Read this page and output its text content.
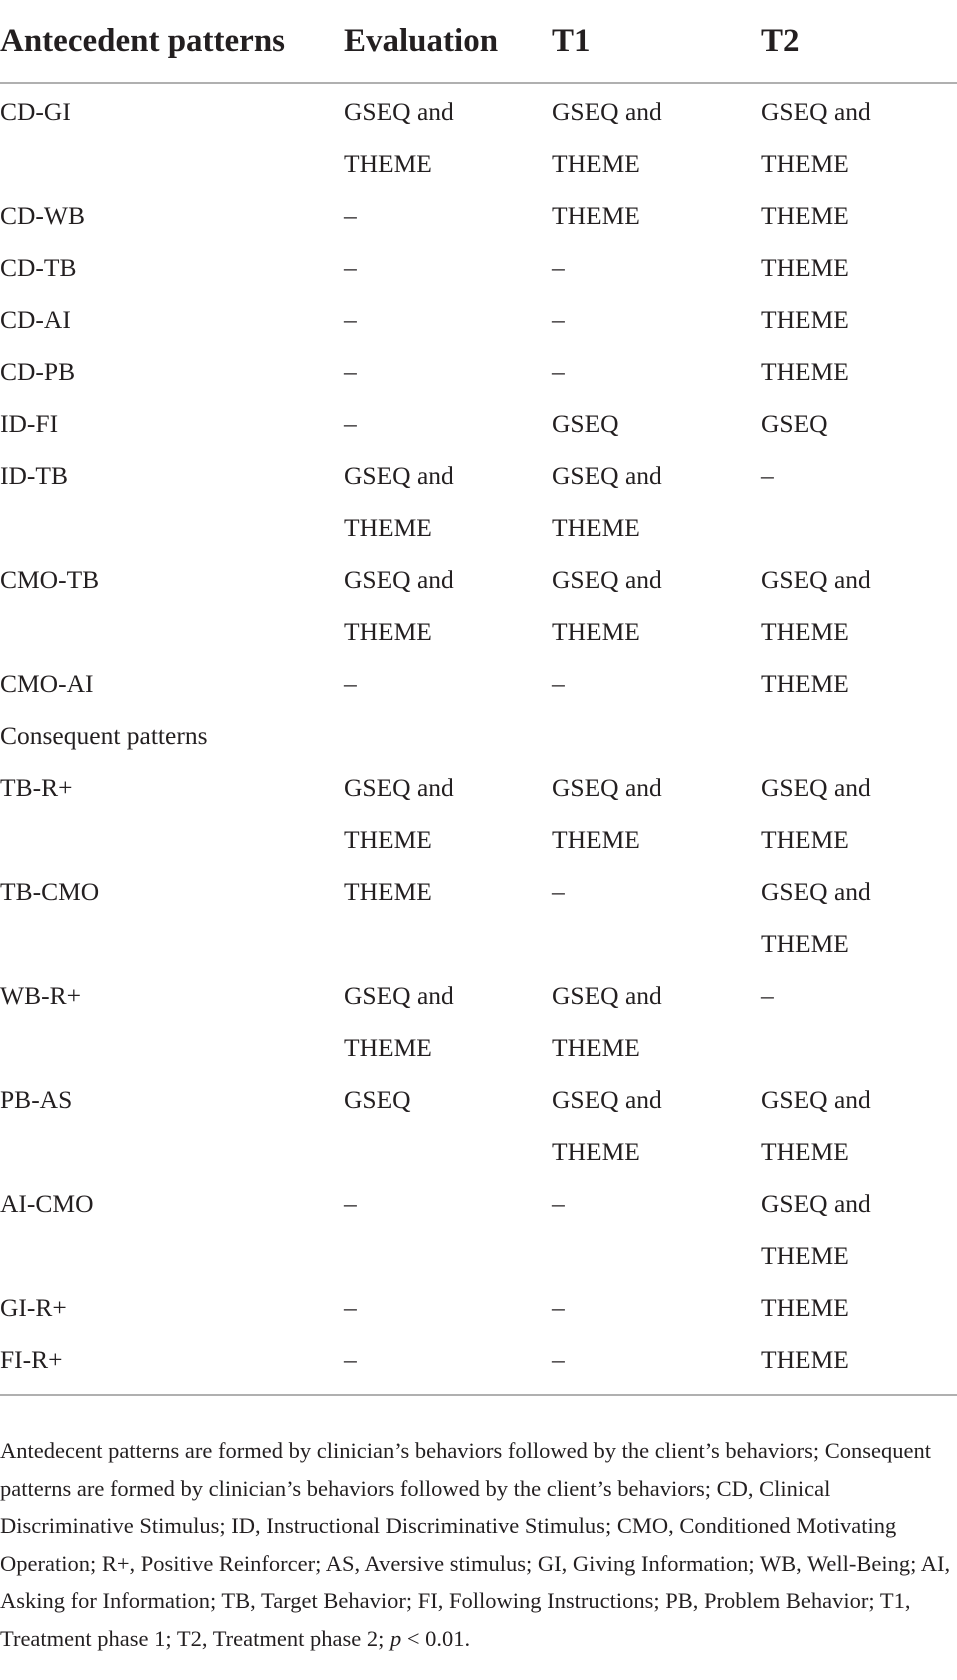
Antecedent patterns	Evaluation	T1	T2
CD-GI	GSEQ and THEME	GSEQ and THEME	GSEQ and THEME

CD-WB	–	THEME	THEME

CD-TB	–	–	THEME

CD-AI	–	–	THEME

CD-PB	–	–	THEME

ID-FI	–	GSEQ	GSEQ

ID-TB	GSEQ and THEME	GSEQ and THEME	–

CMO-TB	GSEQ and THEME	GSEQ and THEME	GSEQ and THEME

CMO-AI	–	–	THEME

Consequent patterns	

TB-R+	GSEQ and THEME	GSEQ and THEME	GSEQ and THEME

TB-CMO	THEME	–	GSEQ and THEME

WB-R+	GSEQ and THEME	GSEQ and THEME	–

PB-AS	GSEQ	GSEQ and THEME	GSEQ and THEME

AI-CMO	–	–	GSEQ and THEME

GI-R+	–	–	THEME

FI-R+	–	–	THEME

Antedecent patterns are formed by clinician’s behaviors followed by the client’s behaviors; Consequent patterns are formed by clinician’s behaviors followed by the client’s behaviors; CD, Clinical Discriminative Stimulus; ID, Instructional Discriminative Stimulus; CMO, Conditioned Motivating Operation; R+, Positive Reinforcer; AS, Aversive stimulus; GI, Giving Information; WB, Well-Being; AI, Asking for Information; TB, Target Behavior; FI, Following Instructions; PB, Problem Behavior; T1, Treatment phase 1; T2, Treatment phase 2; p < 0.01.
